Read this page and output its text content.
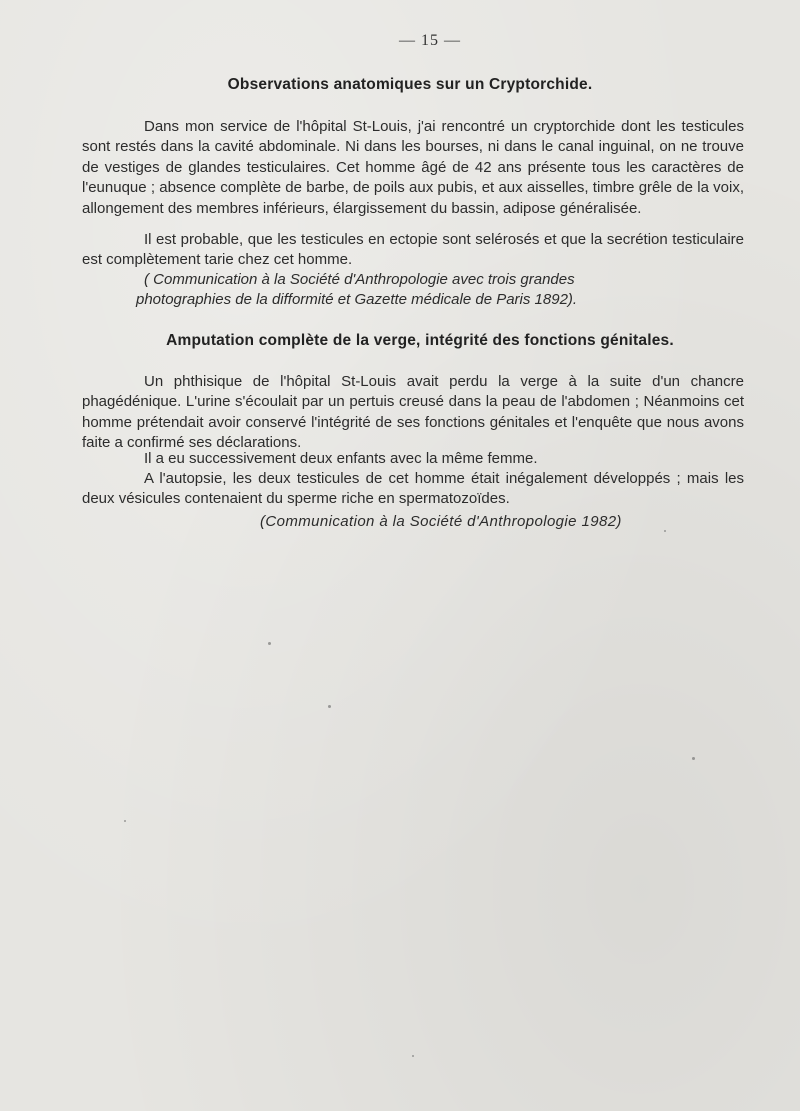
— 15 —
Observations anatomiques sur un Cryptorchide.

Dans mon service de l'hôpital St-Louis, j'ai rencontré un cryptorchide dont les testicules sont restés dans la cavité abdominale. Ni dans les bourses, ni dans le canal inguinal, on ne trouve de vestiges de glandes testiculaires. Cet homme âgé de 42 ans présente tous les caractères de l'eunuque ; absence complète de barbe, de poils aux pubis, et aux aisselles, timbre grêle de la voix, allongement des membres inférieurs, élargissement du bassin, adipose généralisée.

Il est probable, que les testicules en ectopie sont selérosés et que la secrétion testiculaire est complètement tarie chez cet homme.

( Communication à la Société d'Anthropologie avec trois grandes
photographies de la difformité et Gazette médicale de Paris 1892).

Amputation complète de la verge, intégrité des fonctions génitales.

Un phthisique de l'hôpital St-Louis avait perdu la verge à la suite d'un chancre phagédénique. L'urine s'écoulait par un pertuis creusé dans la peau de l'abdomen ; Néanmoins cet homme prétendait avoir conservé l'intégrité de ses fonctions génitales et l'enquête que nous avons faite a confirmé ses déclarations.

Il a eu successivement deux enfants avec la même femme.

A l'autopsie, les deux testicules de cet homme était inégalement développés ; mais les deux vésicules contenaient du sperme riche en spermatozoïdes.

(Communication à la Société d'Anthropologie 1982)
